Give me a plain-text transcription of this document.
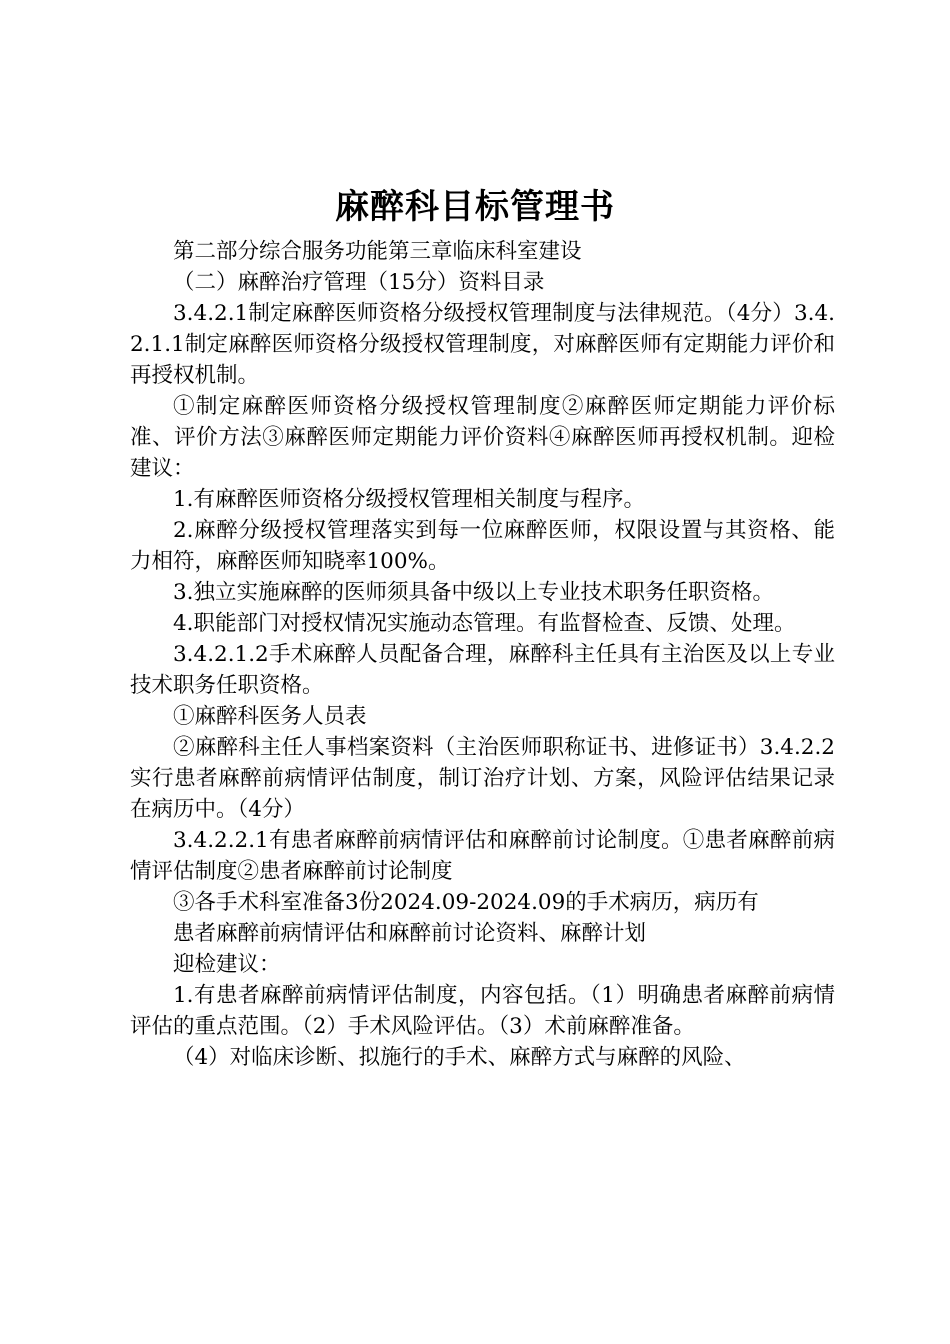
麻醉科目标管理书

第二部分综合服务功能第三章临床科室建设

（二）麻醉治疗管理（15分）资料目录

3.4.2.1制定麻醉医师资格分级授权管理制度与法律规范。（4分）3.4.2.1.1制定麻醉医师资格分级授权管理制度，对麻醉医师有定期能力评价和再授权机制。

①制定麻醉医师资格分级授权管理制度②麻醉医师定期能力评价标准、评价方法③麻醉医师定期能力评价资料④麻醉医师再授权机制。迎检建议：

1.有麻醉医师资格分级授权管理相关制度与程序。

2.麻醉分级授权管理落实到每一位麻醉医师，权限设置与其资格、能力相符，麻醉医师知晓率100%。

3.独立实施麻醉的医师须具备中级以上专业技术职务任职资格。

4.职能部门对授权情况实施动态管理。有监督检查、反馈、处理。

3.4.2.1.2手术麻醉人员配备合理，麻醉科主任具有主治医及以上专业技术职务任职资格。

①麻醉科医务人员表

②麻醉科主任人事档案资料（主治医师职称证书、进修证书）3.4.2.2实行患者麻醉前病情评估制度，制订治疗计划、方案，风险评估结果记录在病历中。（4分）

3.4.2.2.1有患者麻醉前病情评估和麻醉前讨论制度。①患者麻醉前病情评估制度②患者麻醉前讨论制度

③各手术科室准备3份2024.09-2024.09的手术病历，病历有

患者麻醉前病情评估和麻醉前讨论资料、麻醉计划

迎检建议：

1.有患者麻醉前病情评估制度，内容包括。（1）明确患者麻醉前病情评估的重点范围。（2）手术风险评估。（3）术前麻醉准备。

（4）对临床诊断、拟施行的手术、麻醉方式与麻醉的风险、
